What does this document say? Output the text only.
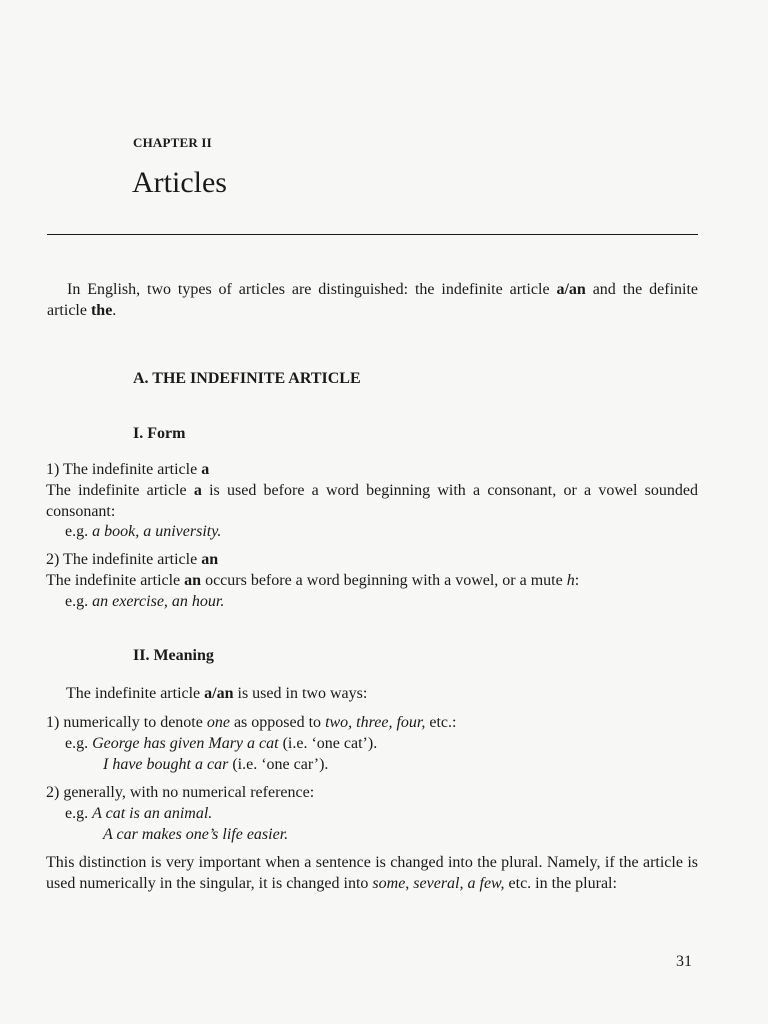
CHAPTER II
Articles
In English, two types of articles are distinguished: the indefinite article a/an and the definite article the.
A. THE INDEFINITE ARTICLE
I. Form
1) The indefinite article a
The indefinite article a is used before a word beginning with a consonant, or a vowel sounded consonant:
e.g. a book, a university.
2) The indefinite article an
The indefinite article an occurs before a word beginning with a vowel, or a mute h:
e.g. an exercise, an hour.
II. Meaning
The indefinite article a/an is used in two ways:
1) numerically to denote one as opposed to two, three, four, etc.:
e.g. George has given Mary a cat (i.e. ‘one cat’).
I have bought a car (i.e. ‘one car’).
2) generally, with no numerical reference:
e.g. A cat is an animal.
A car makes one’s life easier.
This distinction is very important when a sentence is changed into the plural. Namely, if the article is used numerically in the singular, it is changed into some, several, a few, etc. in the plural:
31
